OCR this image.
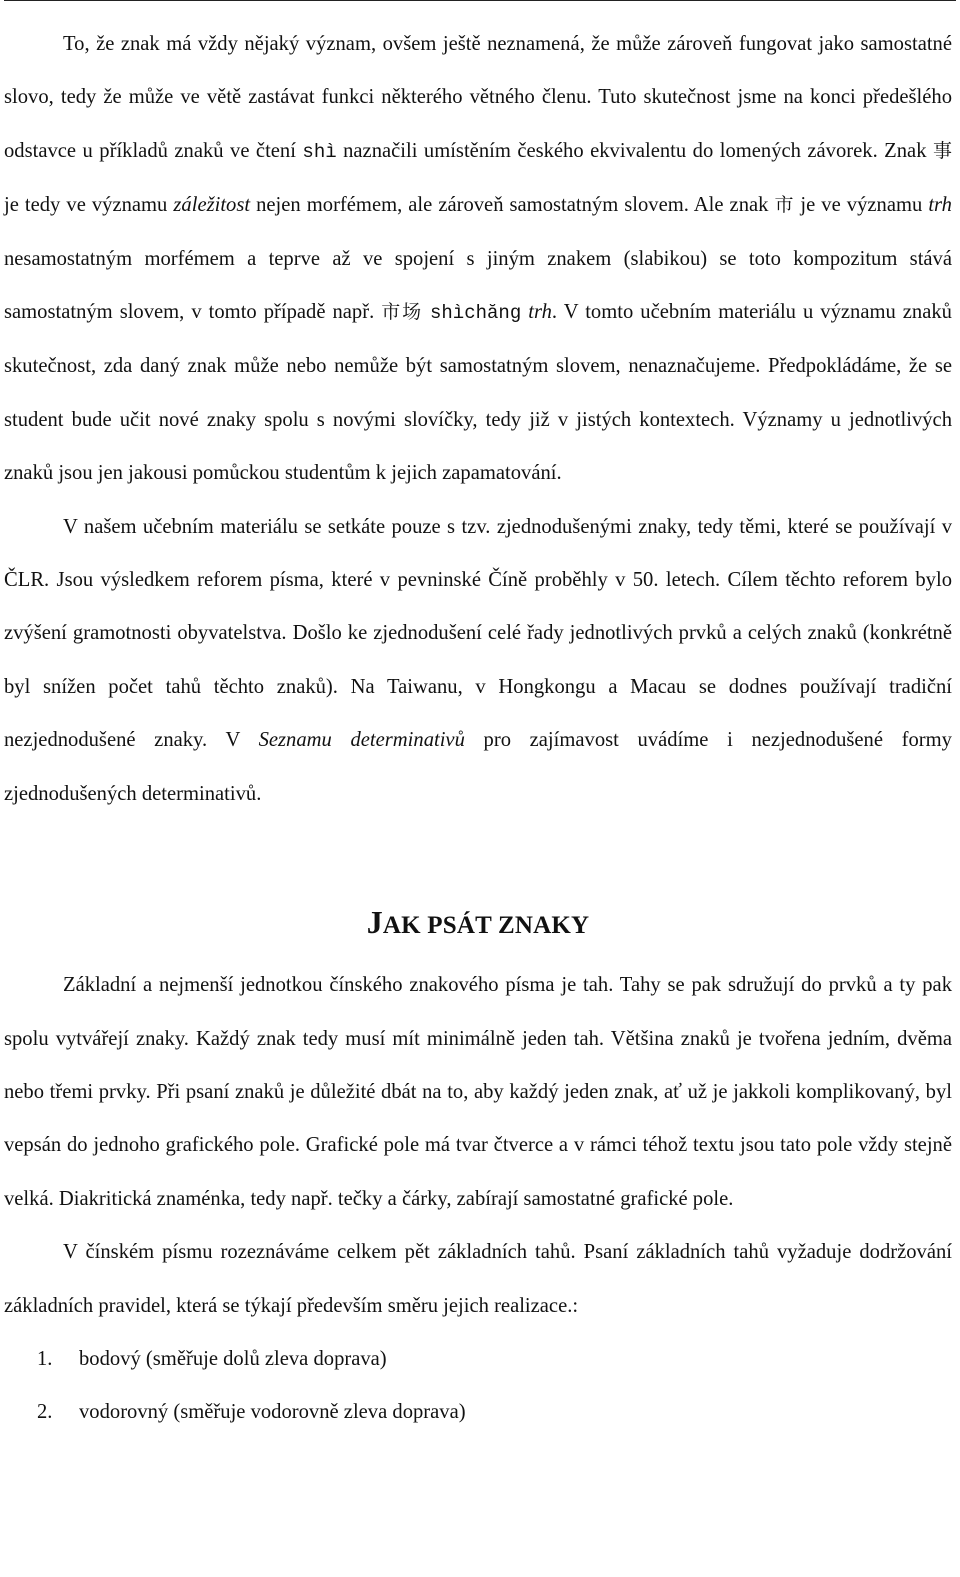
To, že znak má vždy nějaký význam, ovšem ještě neznamená, že může zároveň fungovat jako samostatné slovo, tedy že může ve větě zastávat funkci některého větného členu. Tuto skutečnost jsme na konci předešlého odstavce u příkladů znaků ve čtení shì naznačili umístěním českého ekvivalentu do lomených závorek. Znak 事 je tedy ve významu záležitost nejen morfémem, ale zároveň samostatným slovem. Ale znak 市 je ve významu trh nesamostatným morfémem a teprve až ve spojení s jiným znakem (slabikou) se toto kompozitum stává samostatným slovem, v tomto případě např. 市场 shìchăng trh. V tomto učebním materiálu u významu znaků skutečnost, zda daný znak může nebo nemůže být samostatným slovem, nenaznačujeme. Předpokládáme, že se student bude učit nové znaky spolu s novými slovíčky, tedy již v jistých kontextech. Významy u jednotlivých znaků jsou jen jakousi pomůckou studentům k jejich zapamatování.

V našem učebním materiálu se setkáte pouze s tzv. zjednodušenými znaky, tedy těmi, které se používají v ČLR. Jsou výsledkem reforem písma, které v pevninské Číně proběhly v 50. letech. Cílem těchto reforem bylo zvýšení gramotnosti obyvatelstva. Došlo ke zjednodušení celé řady jednotlivých prvků a celých znaků (konkrétně byl snížen počet tahů těchto znaků). Na Taiwanu, v Hongkongu a Macau se dodnes používají tradiční nezjednodušené znaky. V Seznamu determinativů pro zajímavost uvádíme i nezjednodušené formy zjednodušených determinativů.

JAK PSÁT ZNAKY

Základní a nejmenší jednotkou čínského znakového písma je tah. Tahy se pak sdružují do prvků a ty pak spolu vytvářejí znaky. Každý znak tedy musí mít minimálně jeden tah. Většina znaků je tvořena jedním, dvěma nebo třemi prvky. Při psaní znaků je důležité dbát na to, aby každý jeden znak, ať už je jakkoli komplikovaný, byl vepsán do jednoho grafického pole. Grafické pole má tvar čtverce a v rámci téhož textu jsou tato pole vždy stejně velká. Diakritická znaménka, tedy např. tečky a čárky, zabírají samostatné grafické pole.

V čínském písmu rozeznáváme celkem pět základních tahů. Psaní základních tahů vyžaduje dodržování základních pravidel, která se týkají především směru jejich realizace.:

1. bodový (směřuje dolů zleva doprava)
2. vodorovný (směřuje vodorovně zleva doprava)
